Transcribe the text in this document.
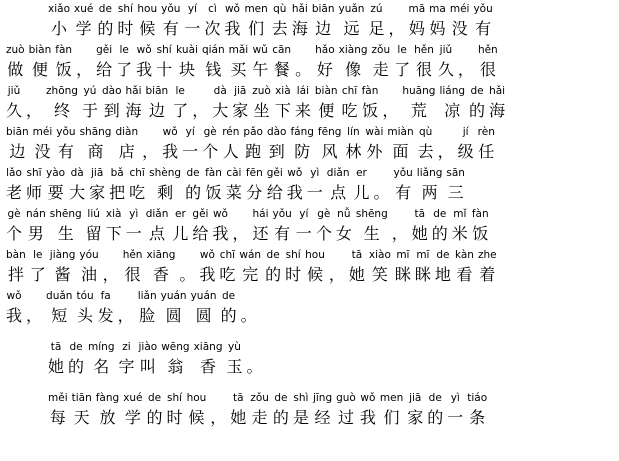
xiǎo
小
xué
学
de
的
shí
时
hou
候
yǒu
有
yí
一
cì
次
wǒ
我
men
们
qù
去
hǎi
海
biān
边
yuǎn
远
zú
足 ，
mā
妈
ma
妈
méi
没
yǒu
有
zuò
做
biàn
便
fàn
饭 ，
gěi
给
le
了
wǒ
我
shí
十
kuài
块
qián
钱
mǎi
买
wǔ
午
cān
餐 。
hǎo
好
xiàng
像
zǒu
走
le
了
hěn
很
jiǔ
久 ，
hěn
很
jiǔ
久 ，
zhōng
终
yú
于
dào
到
hǎi
海
biān
边
le
了 ，
dà
大
jiā
家
zuò
坐
xià
下
lái
来
biàn
便
chī
吃
fàn
饭 ，
huāng
荒
liáng
凉
de
的
hǎi
海
biān
边
méi
没
yǒu
有
shāng
商
diàn
店 ，
wǒ
我
yí
一
gè
个
rén
人
pǎo
跑
dào
到
fáng
防
fēng
风
lín
林
wài
外
miàn
面
qù
去 ，
jí
级
rèn
任
lǎo
老
shī
师
yào
要
dà
大
jiā
家
bǎ
把
chī
吃
shèng
剩
de
的
fàn
饭
cài
菜
fēn
分
gěi
给
wǒ
我
yì
一
diǎn
点
er
儿 。
yǒu
有
liǎng
两
sān
三
gè
个
nán
男
shēng
生
liú
留
xià
下
yì
一
diǎn
点
er
儿
gěi
给
wǒ
我 ，
hái
还
yǒu
有
yí
一
gè
个
nǚ
女
shēng
生 ，
tā
她
de
的
mǐ
米
fàn
饭
bàn
拌
le
了
jiàng
酱
yóu
油 ，
hěn
很
xiāng
香 。
wǒ
我
chī
吃
wán
完
de
的
shí
时
hou
候 ，
tā
她
xiào
笑
mī
眯
mī
眯
de
地
kàn
看
zhe
着
wǒ
我 ，
duǎn
短
tóu
头
fa
发 ，
liǎn
脸
yuán
圆
yuán
圆
de
的 。
tā
她
de
的
míng
名
zi
字
jiào
叫
wēng
翁
xiāng
香
yù
玉 。
měi
每
tiān
天
fàng
放
xué
学
de
的
shí
时
hou
候 ，
tā
她
zǒu
走
de
的
shì
是
jīng
经
guò
过
wǒ
我
men
们
jiā
家
de
的
yì
一
tiáo
条
